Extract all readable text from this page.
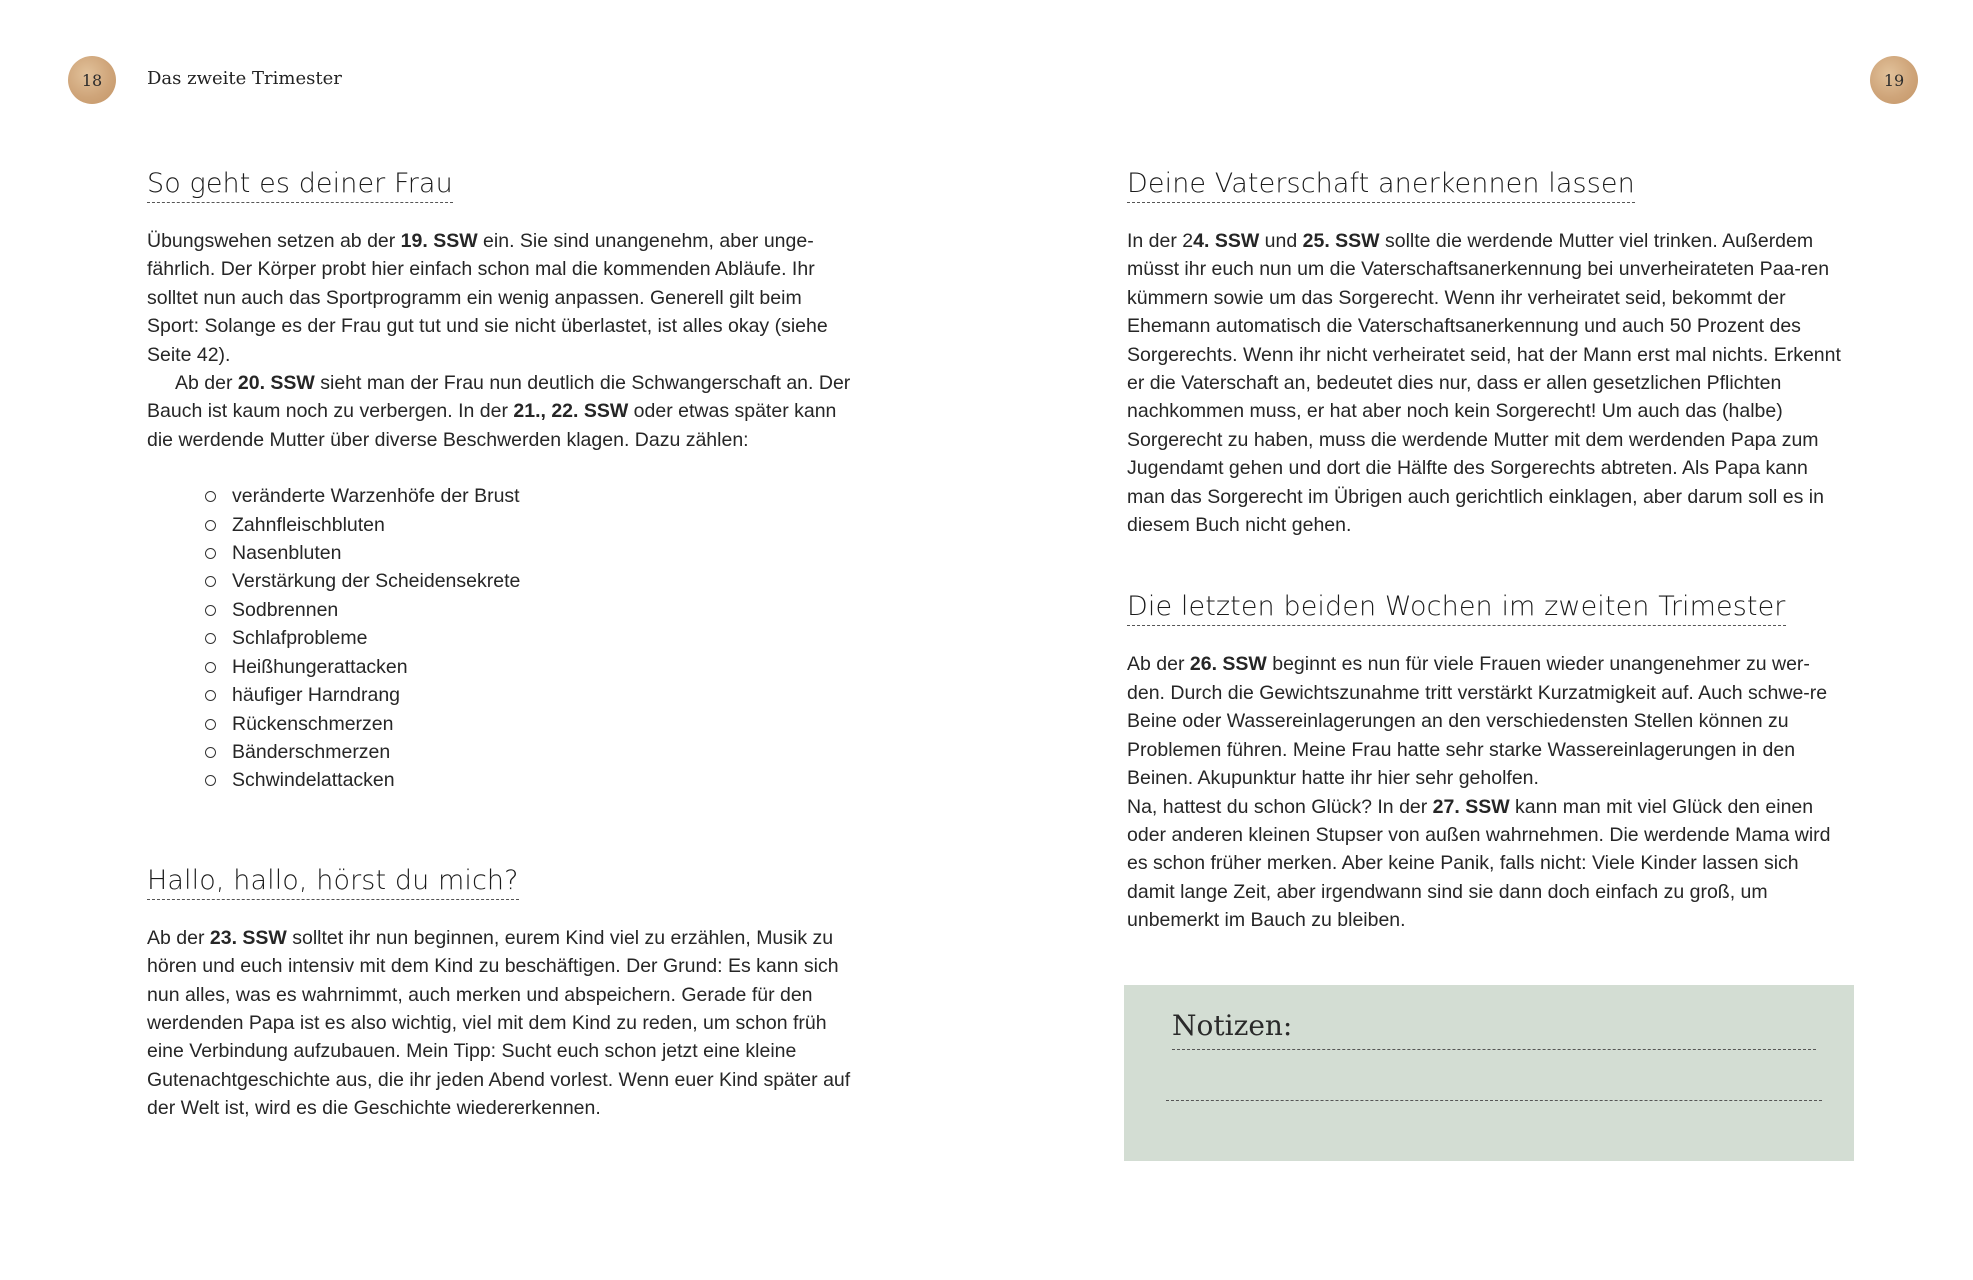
18 Das zweite Trimester	19
So geht es deiner Frau

Übungswehen setzen ab der 19. SSW ein. Sie sind unangenehm, aber unge-fährlich. Der Körper probt hier einfach schon mal die kommenden Abläufe. Ihr solltet nun auch das Sportprogramm ein wenig anpassen. Generell gilt beim Sport: Solange es der Frau gut tut und sie nicht überlastet, ist alles okay (siehe Seite 42).

Ab der 20. SSW sieht man der Frau nun deutlich die Schwangerschaft an. Der Bauch ist kaum noch zu verbergen. In der 21., 22. SSW oder etwas später kann die werdende Mutter über diverse Beschwerden klagen. Dazu zählen:

veränderte Warzenhöfe der Brust
Zahnfleischbluten
Nasenbluten
Verstärkung der Scheidensekrete
Sodbrennen
Schlafprobleme
Heißhungerattacken
häufiger Harndrang
Rückenschmerzen
Bänderschmerzen
Schwindelattacken
Hallo, hallo, hörst du mich?

Ab der 23. SSW solltet ihr nun beginnen, eurem Kind viel zu erzählen, Musik zu hören und euch intensiv mit dem Kind zu beschäftigen. Der Grund: Es kann sich nun alles, was es wahrnimmt, auch merken und abspeichern. Gerade für den werdenden Papa ist es also wichtig, viel mit dem Kind zu reden, um schon früh eine Verbindung aufzubauen. Mein Tipp: Sucht euch schon jetzt eine kleine Gutenachtgeschichte aus, die ihr jeden Abend vorlest. Wenn euer Kind später auf der Welt ist, wird es die Geschichte wiedererkennen.

Deine Vaterschaft anerkennen lassen

In der 24. SSW und 25. SSW sollte die werdende Mutter viel trinken. Außerdem müsst ihr euch nun um die Vaterschaftsanerkennung bei unverheirateten Paa-ren kümmern sowie um das Sorgerecht. Wenn ihr verheiratet seid, bekommt der Ehemann automatisch die Vaterschaftsanerkennung und auch 50 Prozent des Sorgerechts. Wenn ihr nicht verheiratet seid, hat der Mann erst mal nichts. Erkennt er die Vaterschaft an, bedeutet dies nur, dass er allen gesetzlichen Pflichten nachkommen muss, er hat aber noch kein Sorgerecht! Um auch das (halbe) Sorgerecht zu haben, muss die werdende Mutter mit dem werdenden Papa zum Jugendamt gehen und dort die Hälfte des Sorgerechts abtreten. Als Papa kann man das Sorgerecht im Übrigen auch gerichtlich einklagen, aber darum soll es in diesem Buch nicht gehen.

Die letzten beiden Wochen im zweiten Trimester

Ab der 26. SSW beginnt es nun für viele Frauen wieder unangenehmer zu wer-den. Durch die Gewichtszunahme tritt verstärkt Kurzatmigkeit auf. Auch schwe-re Beine oder Wassereinlagerungen an den verschiedensten Stellen können zu Problemen führen. Meine Frau hatte sehr starke Wassereinlagerungen in den Beinen. Akupunktur hatte ihr hier sehr geholfen.

Na, hattest du schon Glück? In der 27. SSW kann man mit viel Glück den einen oder anderen kleinen Stupser von außen wahrnehmen. Die werdende Mama wird es schon früher merken. Aber keine Panik, falls nicht: Viele Kinder lassen sich damit lange Zeit, aber irgendwann sind sie dann doch einfach zu groß, um unbemerkt im Bauch zu bleiben.

Notizen:
